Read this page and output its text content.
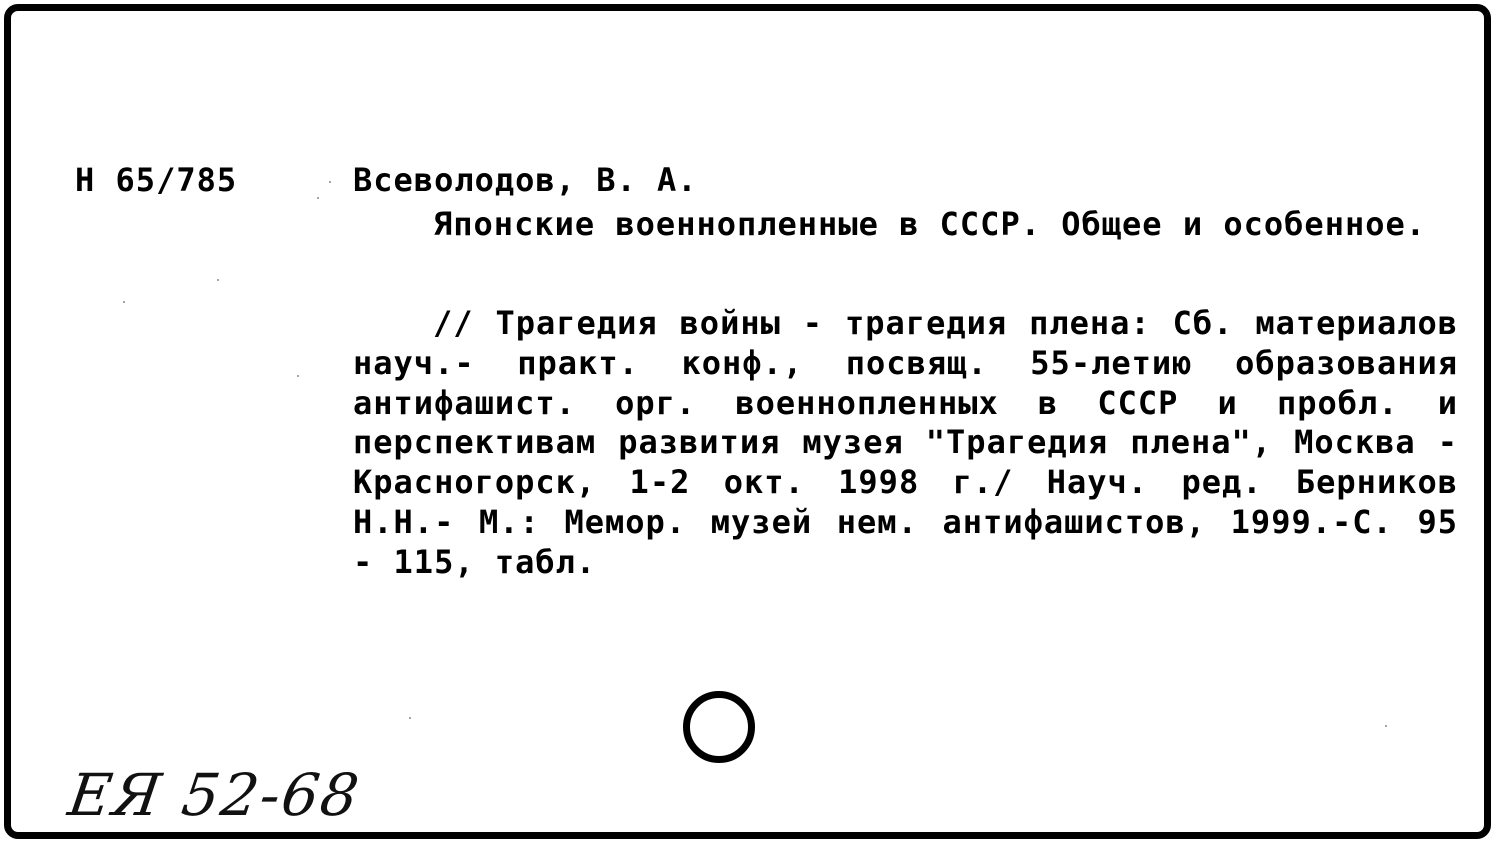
Н 65/785	Всеволодов, В. А.

Японские военнопленные в СССР. Общее и особенное.

// Трагедия войны - трагедия плена: Сб. материалов науч.- практ. конф., посвящ. 55-летию образования антифашист. орг. военнопленных в СССР и пробл. и перспективам развития музея "Трагедия плена", Москва - Красногорск, 1-2 окт. 1998 г./ Науч. ред. Берников Н.Н.- М.: Мемор. музей нем. антифашистов, 1999.-С. 95 - 115, табл.

ЕЯ 52-68
